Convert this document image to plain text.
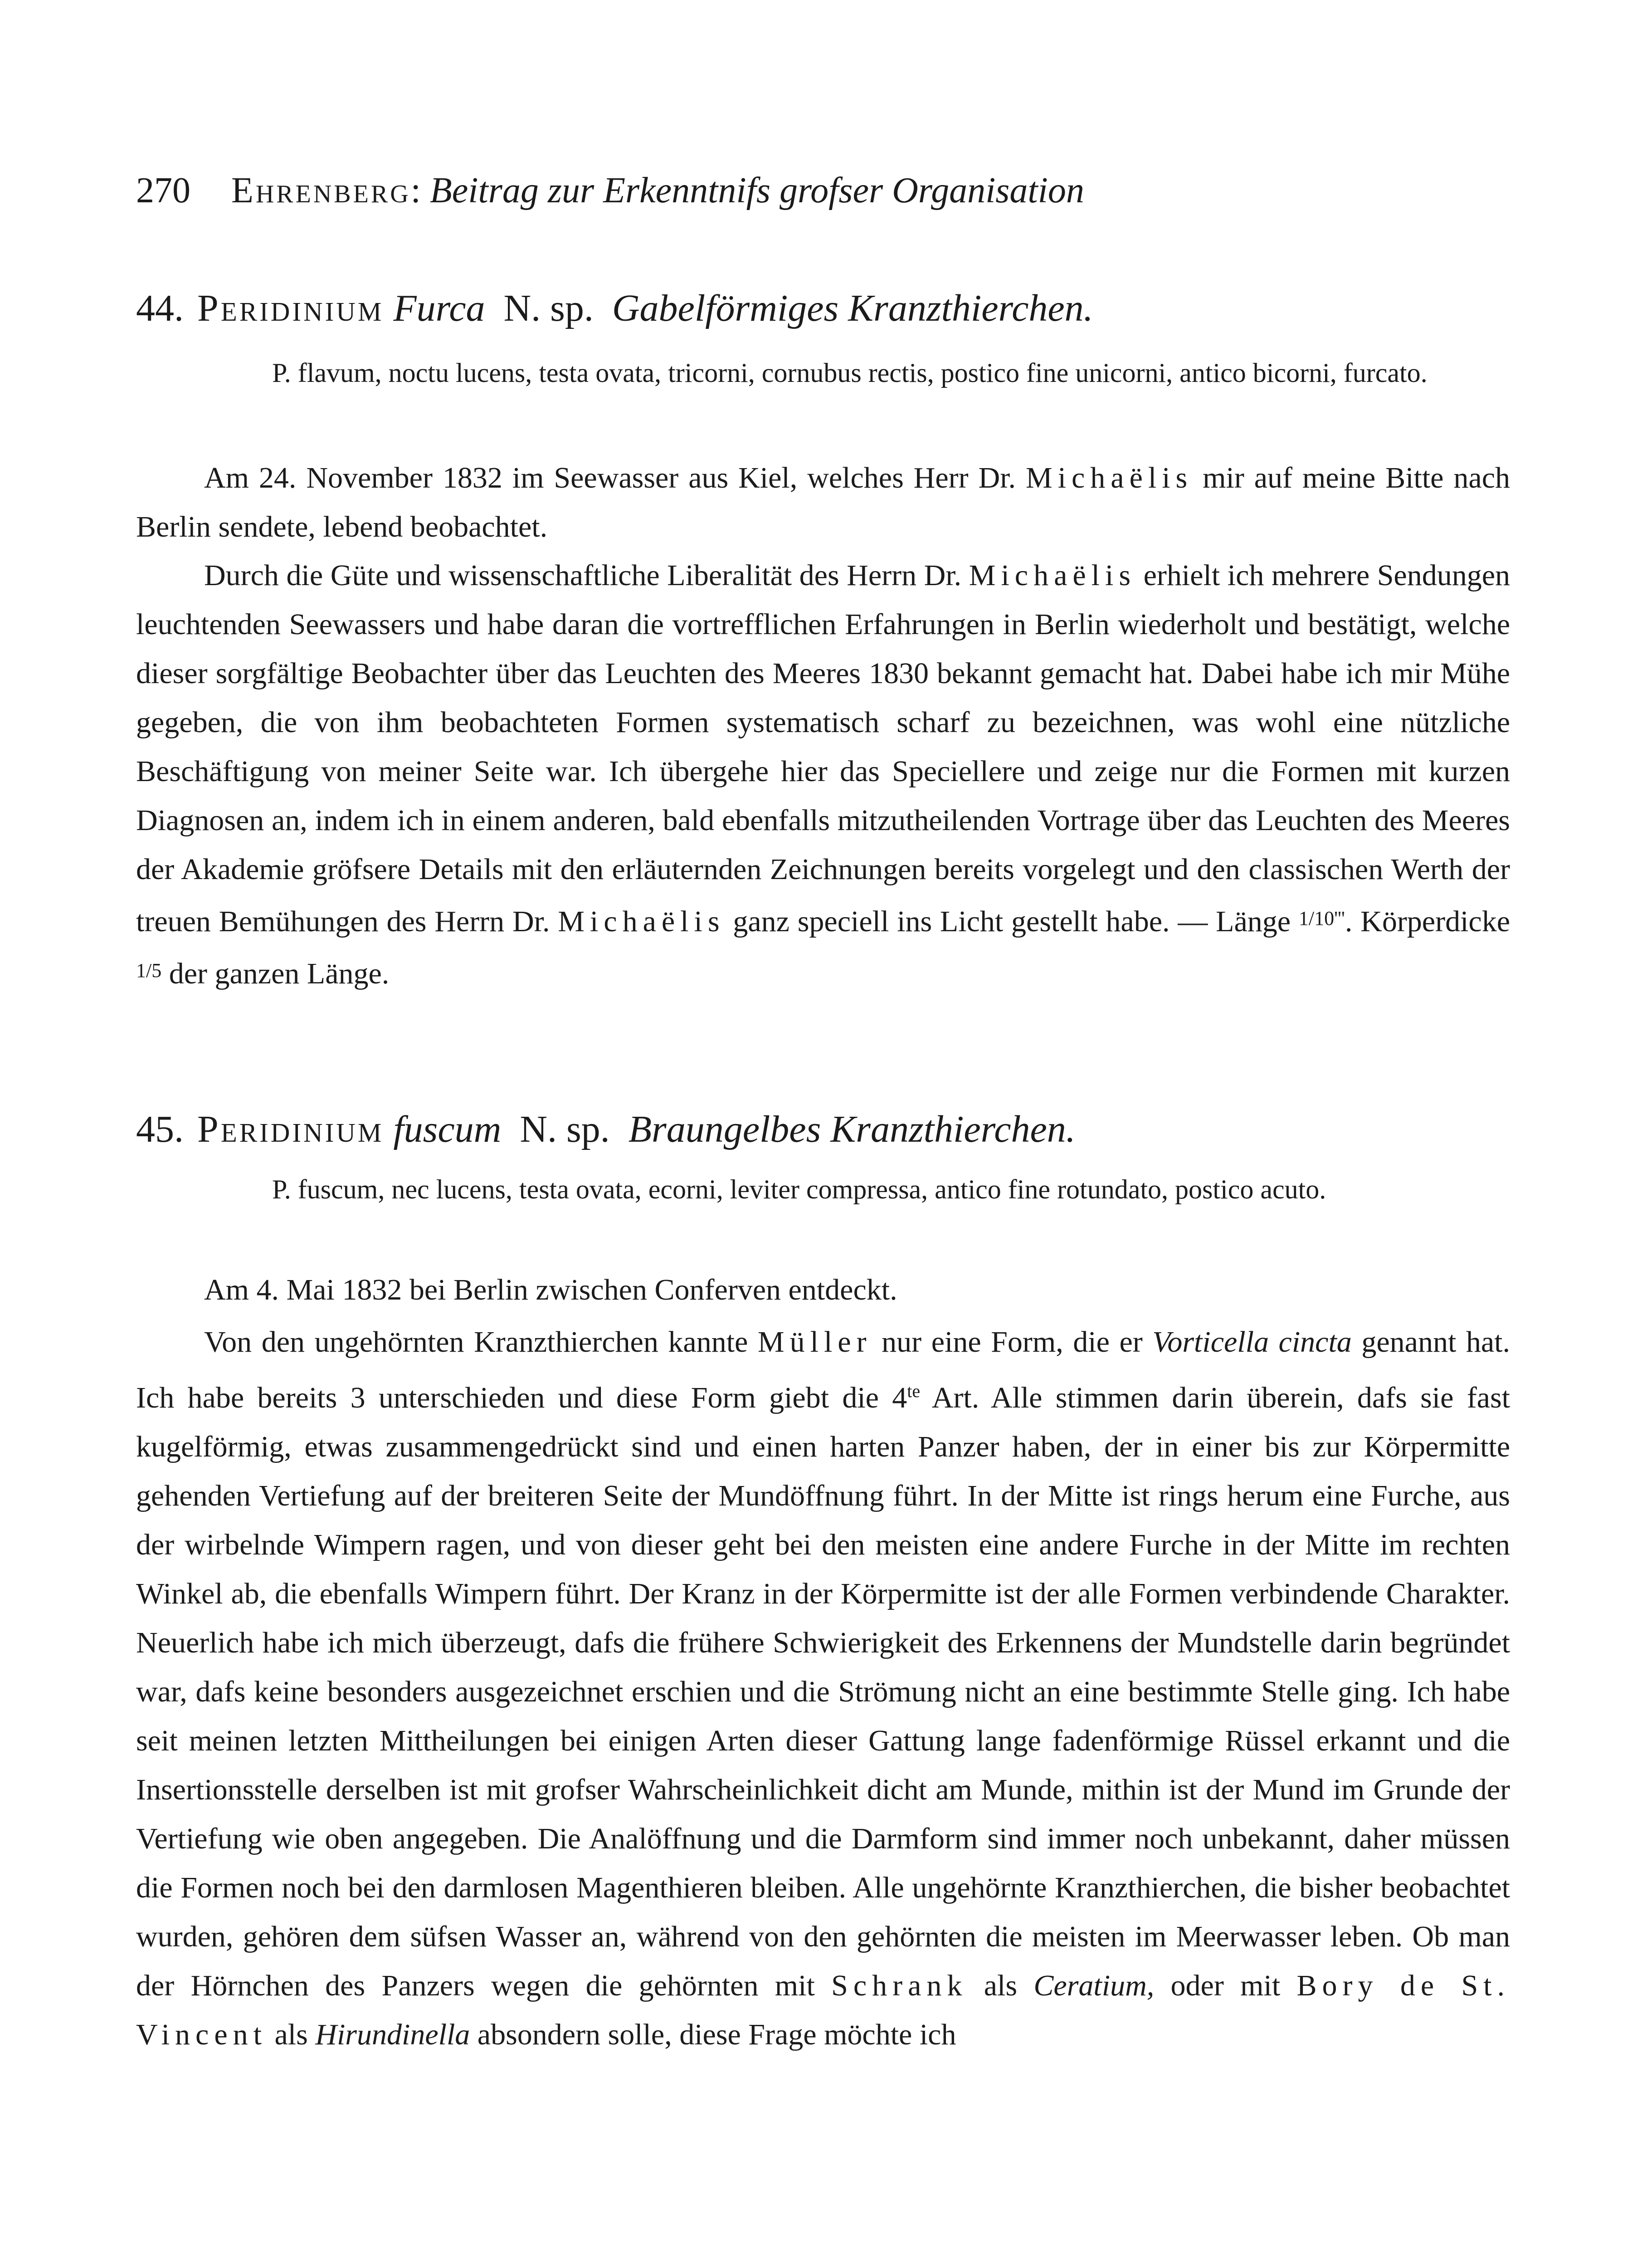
270 Ehrenberg: Beitrag zur Erkenntnifs grofser Organisation
44. Peridinium Furca N. sp. Gabelförmiges Kranzthierchen.
P. flavum, noctu lucens, testa ovata, tricorni, cornubus rectis, postico fine unicorni, antico bicorni, furcato.

Am 24. November 1832 im Seewasser aus Kiel, welches Herr Dr. Michaëlis mir auf meine Bitte nach Berlin sendete, lebend beobachtet.

Durch die Güte und wissenschaftliche Liberalität des Herrn Dr. Michaëlis erhielt ich mehrere Sendungen leuchtenden Seewassers und habe daran die vortrefflichen Erfahrungen in Berlin wiederholt und bestätigt, welche dieser sorgfältige Beobachter über das Leuchten des Meeres 1830 bekannt gemacht hat. Dabei habe ich mir Mühe gegeben, die von ihm beobachteten Formen systematisch scharf zu bezeichnen, was wohl eine nützliche Beschäftigung von meiner Seite war. Ich übergehe hier das Speciellere und zeige nur die Formen mit kurzen Diagnosen an, indem ich in einem anderen, bald ebenfalls mitzutheilenden Vortrage über das Leuchten des Meeres der Akademie gröfsere Details mit den erläuternden Zeichnungen bereits vorgelegt und den classischen Werth der treuen Bemühungen des Herrn Dr. Michaëlis ganz speciell ins Licht gestellt habe. — Länge $^{1/10'''}$. Körperdicke $^{1/5}$ der ganzen Länge.

45. Peridinium fuscum N. sp. Braungelbes Kranzthierchen.
P. fuscum, nec lucens, testa ovata, ecorni, leviter compressa, antico fine rotundato, postico acuto.

Am 4. Mai 1832 bei Berlin zwischen Conferven entdeckt.

Von den ungehörnten Kranzthierchen kannte Müller nur eine Form, die er Vorticella cincta genannt hat. Ich habe bereits 3 unterschieden und diese Form giebt die $4^{te}$ Art. Alle stimmen darin überein, dafs sie fast kugelförmig, etwas zusammengedrückt sind und einen harten Panzer haben, der in einer bis zur Körpermitte gehenden Vertiefung auf der breiteren Seite der Mundöffnung führt. In der Mitte ist rings herum eine Furche, aus der wirbelnde Wimpern ragen, und von dieser geht bei den meisten eine andere Furche in der Mitte im rechten Winkel ab, die ebenfalls Wimpern führt. Der Kranz in der Körpermitte ist der alle Formen verbindende Charakter. Neuerlich habe ich mich überzeugt, dafs die frühere Schwierigkeit des Erkennens der Mundstelle darin begründet war, dafs keine besonders ausgezeichnet erschien und die Strömung nicht an eine bestimmte Stelle ging. Ich habe seit meinen letzten Mittheilungen bei einigen Arten dieser Gattung lange fadenförmige Rüssel erkannt und die Insertionsstelle derselben ist mit grofser Wahrscheinlichkeit dicht am Munde, mithin ist der Mund im Grunde der Vertiefung wie oben angegeben. Die Analöffnung und die Darmform sind immer noch unbekannt, daher müssen die Formen noch bei den darmlosen Magenthieren bleiben. Alle ungehörnte Kranzthierchen, die bisher beobachtet wurden, gehören dem süfsen Wasser an, während von den gehörnten die meisten im Meerwasser leben. Ob man der Hörnchen des Panzers wegen die gehörnten mit Schrank als Ceratium, oder mit Bory de St. Vincent als Hirundinella absondern solle, diese Frage möchte ich
